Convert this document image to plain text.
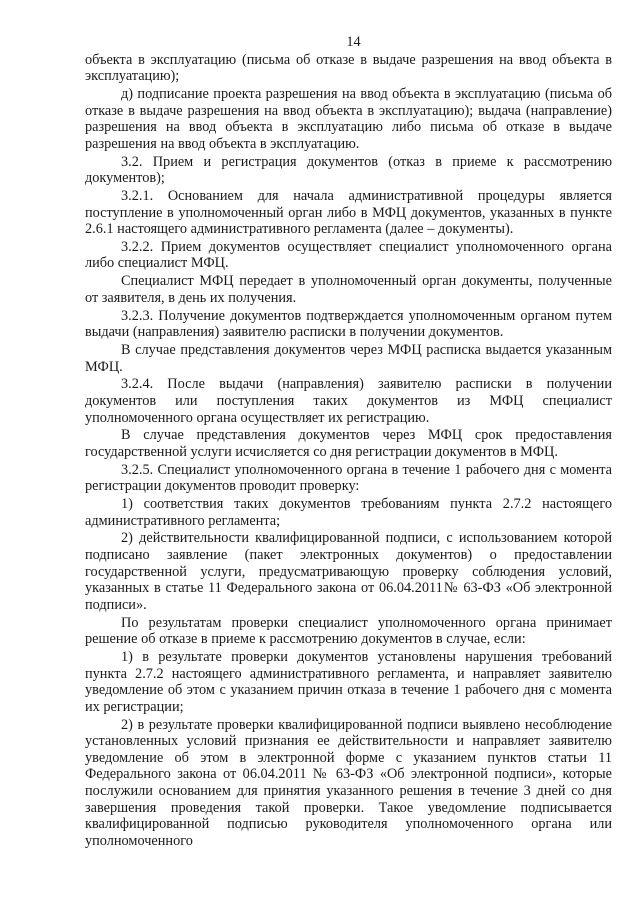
14

объекта в эксплуатацию (письма об отказе в выдаче разрешения на ввод объекта в эксплуатацию);

д) подписание проекта разрешения на ввод объекта в эксплуатацию (письма об отказе в выдаче разрешения на ввод объекта в эксплуатацию); выдача (направление) разрешения на ввод объекта в эксплуатацию либо письма об отказе в выдаче разрешения на ввод объекта в эксплуатацию.

3.2. Прием и регистрация документов (отказ в приеме к рассмотрению документов);

3.2.1. Основанием для начала административной процедуры является поступление в уполномоченный орган либо в МФЦ документов, указанных в пункте 2.6.1 настоящего административного регламента (далее – документы).

3.2.2. Прием документов осуществляет специалист уполномоченного органа либо специалист МФЦ.

Специалист МФЦ передает в уполномоченный орган документы, полученные от заявителя, в день их получения.

3.2.3. Получение документов подтверждается уполномоченным органом путем выдачи (направления) заявителю расписки в получении документов.

В случае представления документов через МФЦ расписка выдается указанным МФЦ.

3.2.4. После выдачи (направления) заявителю расписки в получении документов или поступления таких документов из МФЦ специалист уполномоченного органа осуществляет их регистрацию.

В случае представления документов через МФЦ срок предоставления государственной услуги исчисляется со дня регистрации документов в МФЦ.

3.2.5. Специалист уполномоченного органа в течение 1 рабочего дня с момента регистрации документов проводит проверку:

1) соответствия таких документов требованиям пункта 2.7.2 настоящего административного регламента;

2) действительности квалифицированной подписи, с использованием которой подписано заявление (пакет электронных документов) о предоставлении государственной услуги, предусматривающую проверку соблюдения условий, указанных в статье 11 Федерального закона от 06.04.2011№ 63-ФЗ «Об электронной подписи».

По результатам проверки специалист уполномоченного органа принимает решение об отказе в приеме к рассмотрению документов в случае, если:

1) в результате проверки документов установлены нарушения требований пункта 2.7.2 настоящего административного регламента, и направляет заявителю уведомление об этом с указанием причин отказа в течение 1 рабочего дня с момента их регистрации;

2) в результате проверки квалифицированной подписи выявлено несоблюдение установленных условий признания ее действительности и направляет заявителю уведомление об этом в электронной форме с указанием пунктов статьи 11 Федерального закона от 06.04.2011 № 63-ФЗ «Об электронной подписи», которые послужили основанием для принятия указанного решения в течение 3 дней со дня завершения проведения такой проверки. Такое уведомление подписывается квалифицированной подписью руководителя уполномоченного органа или уполномоченного
